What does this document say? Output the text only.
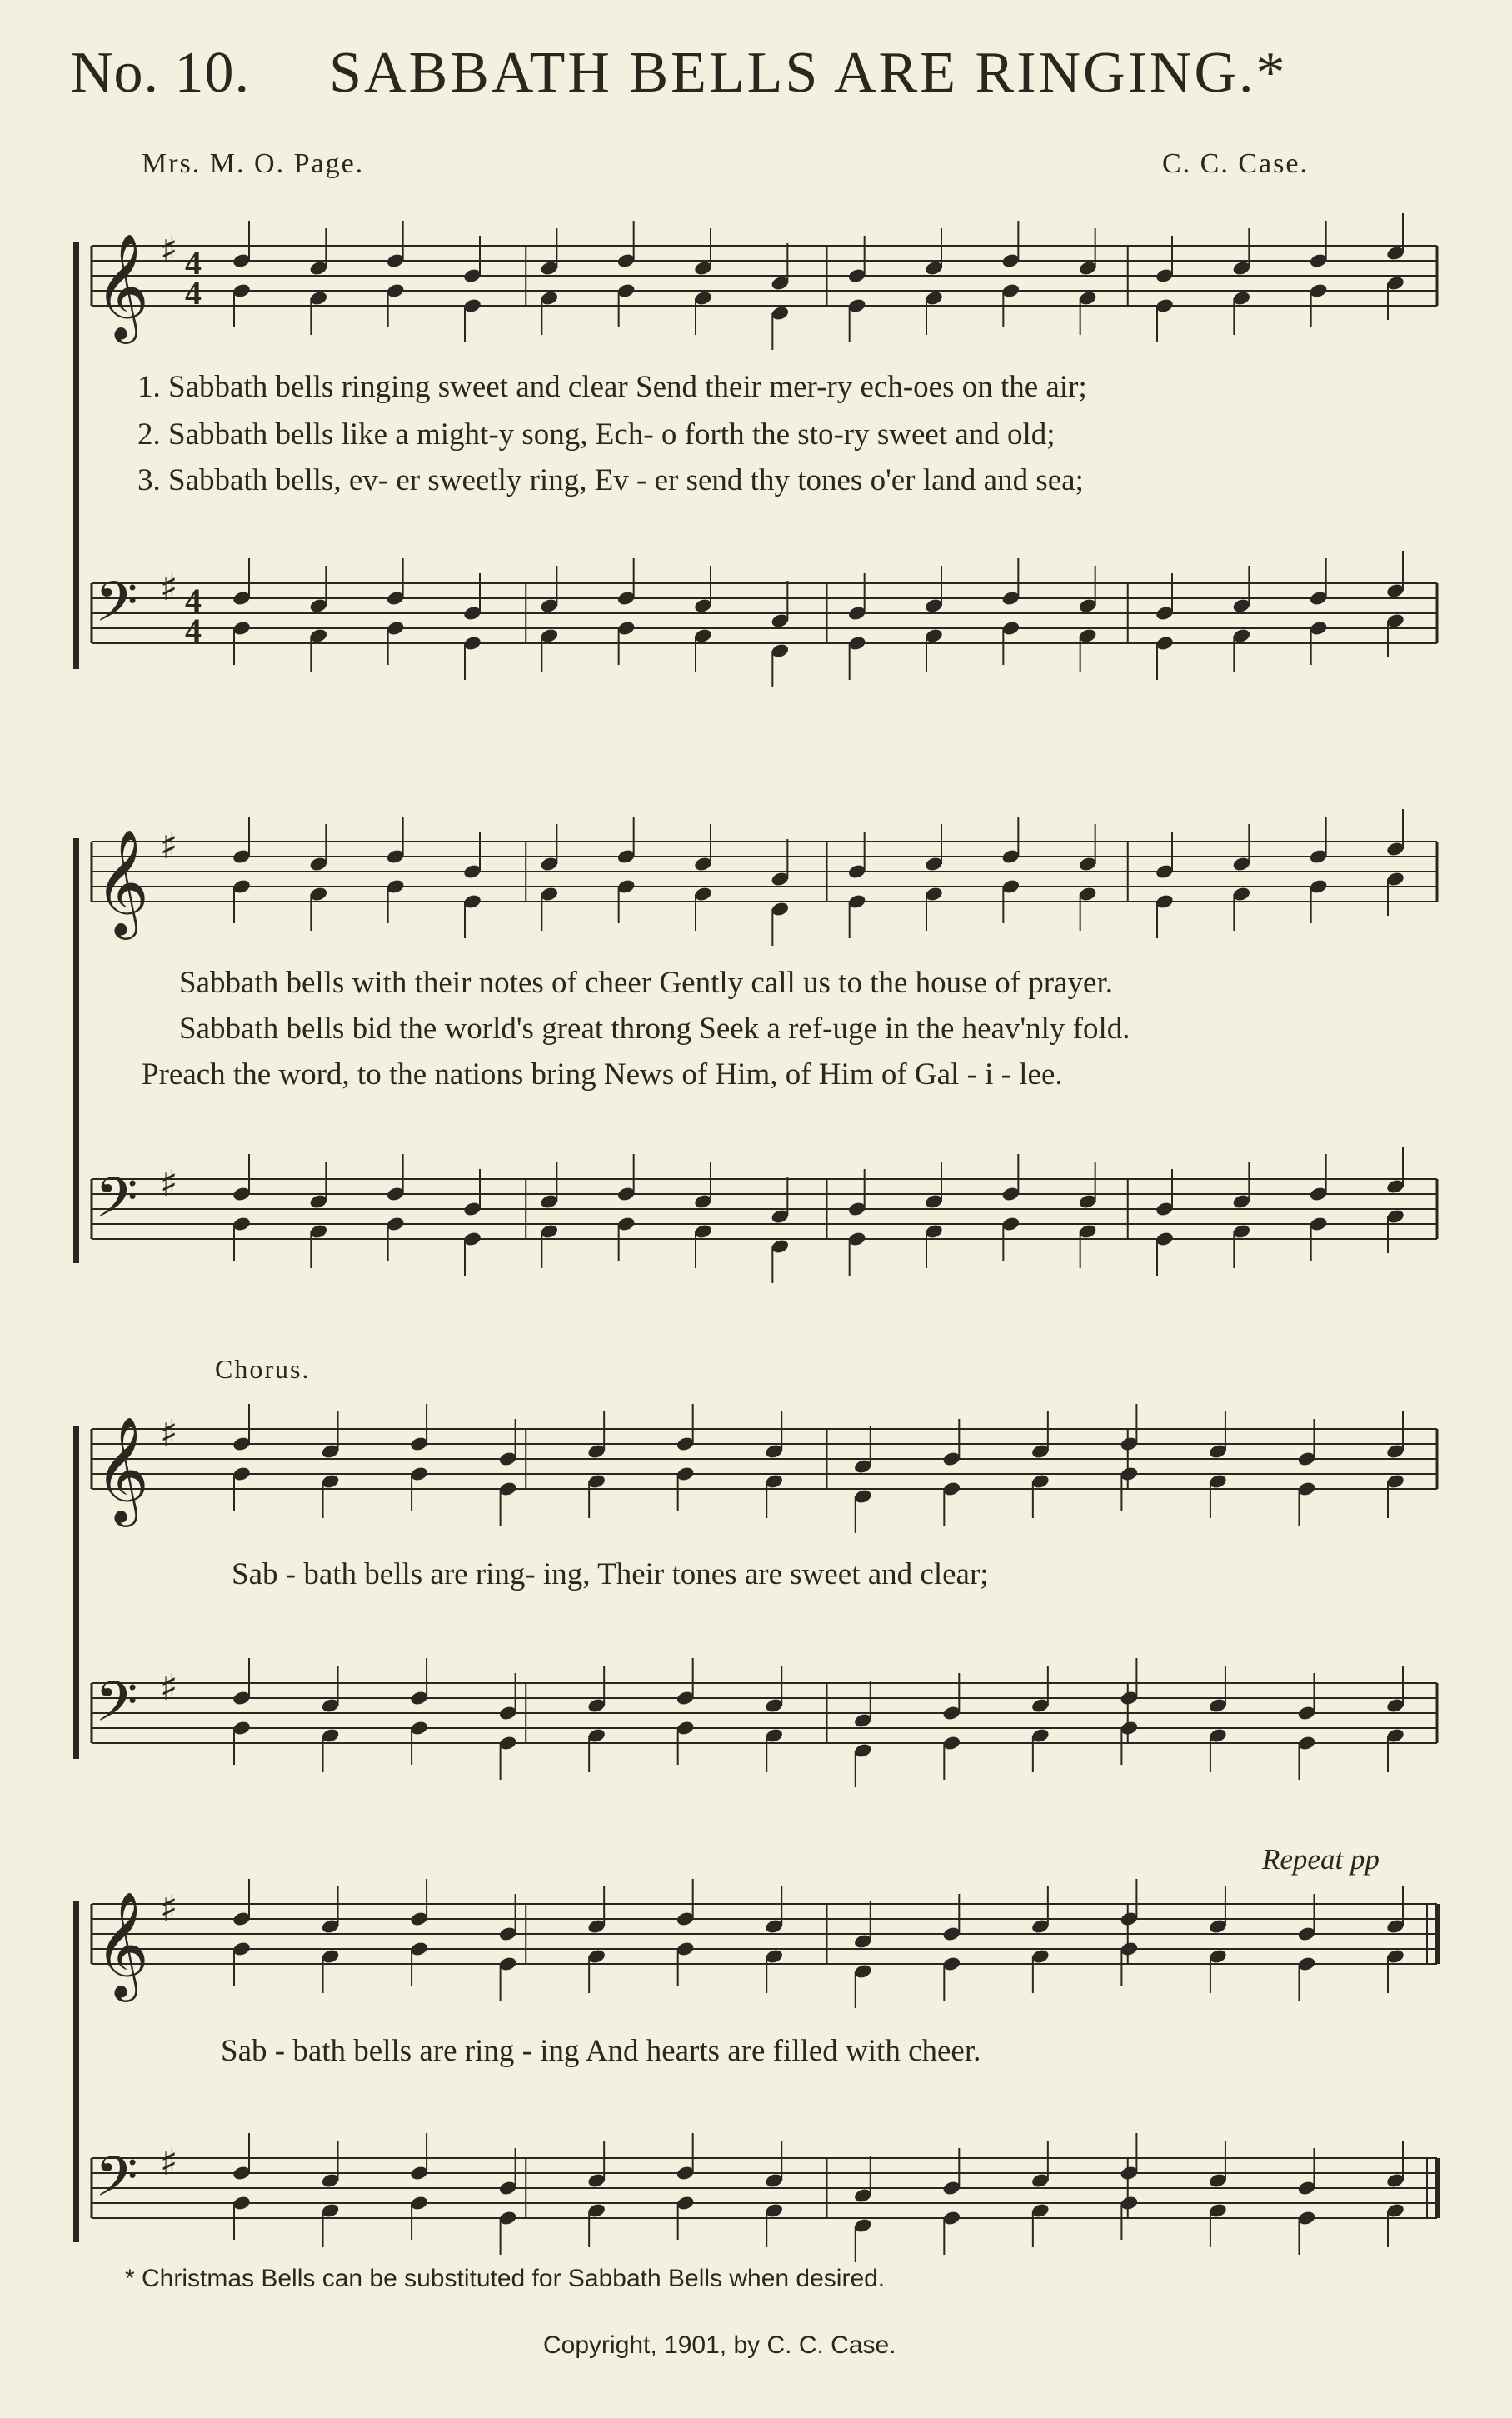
No. 10. SABBATH BELLS ARE RINGING.*
Mrs. M. O. Page.	C. C. Case.
𝄞 ♯ 4
4
1. Sabbath bells ringing sweet and clear Send their mer-ry ech-oes on the air;
2. Sabbath bells like a might-y song, Ech- o forth the sto-ry sweet and old;
3. Sabbath bells, ev- er sweetly ring, Ev - er send thy tones o'er land and sea;
𝄢 ♯ 4
4
𝄞 ♯
Sabbath bells with their notes of cheer Gently call us to the house of prayer.
Sabbath bells bid the world's great throng Seek a ref-uge in the heav'nly fold.
Preach the word, to the nations bring News of Him, of Him of Gal - i - lee.
𝄢 ♯
Chorus.
𝄞 ♯
Sab - bath bells are ring- ing, Their tones are sweet and clear;
𝄢 ♯
Repeat pp
𝄞 ♯
Sab - bath bells are ring - ing And hearts are filled with cheer.
𝄢 ♯
* Christmas Bells can be substituted for Sabbath Bells when desired.
Copyright, 1901, by C. C. Case.
